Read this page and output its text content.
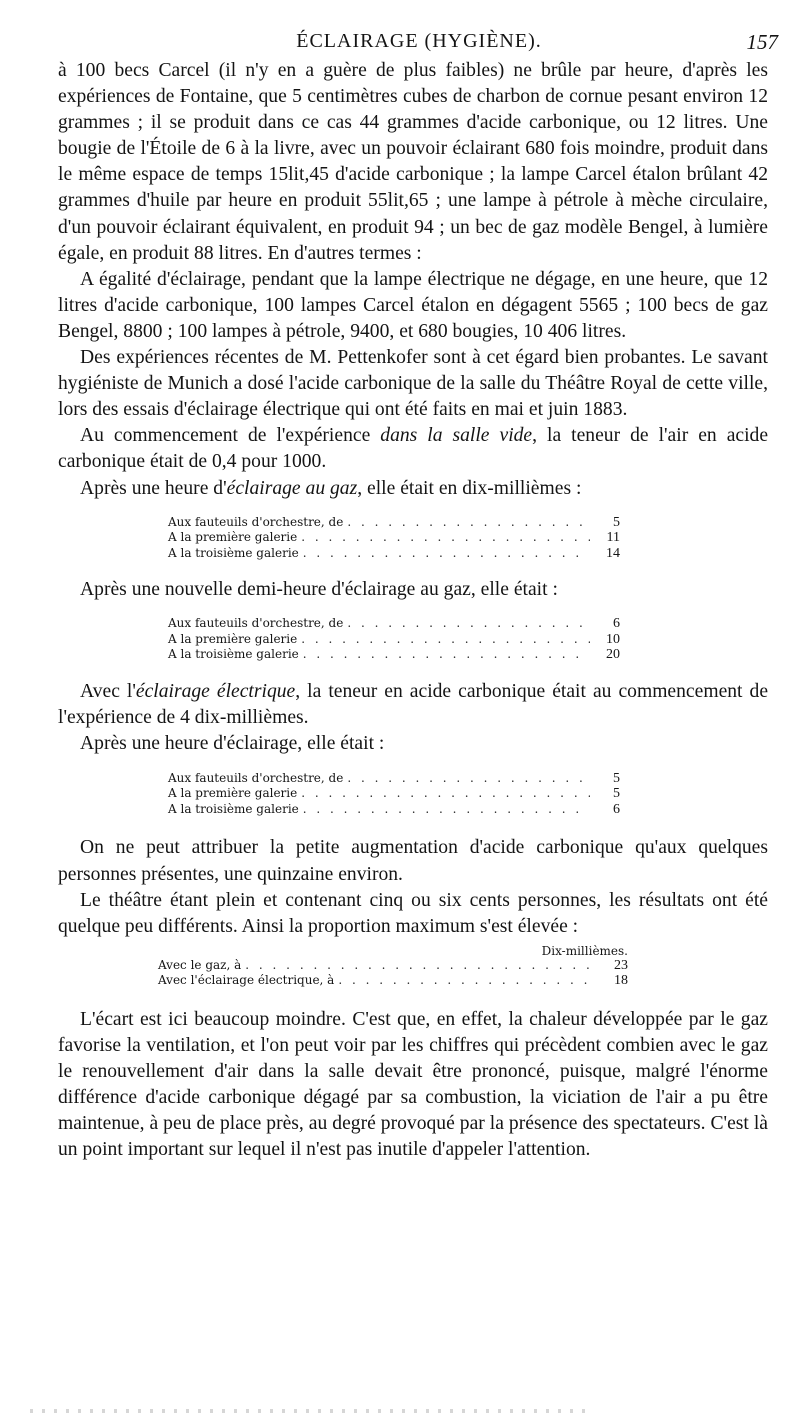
ÉCLAIRAGE (HYGIÈNE).	157

à 100 becs Carcel (il n'y en a guère de plus faibles) ne brûle par heure, d'après les expériences de Fontaine, que 5 centimètres cubes de charbon de cornue pesant environ 12 grammes ; il se produit dans ce cas 44 grammes d'acide carbonique, ou 12 litres. Une bougie de l'Étoile de 6 à la livre, avec un pouvoir éclairant 680 fois moindre, produit dans le même espace de temps 15lit,45 d'acide carbonique ; la lampe Carcel étalon brûlant 42 grammes d'huile par heure en produit 55lit,65 ; une lampe à pétrole à mèche circulaire, d'un pouvoir éclairant équivalent, en produit 94 ; un bec de gaz modèle Bengel, à lumière égale, en produit 88 litres. En d'autres termes :

A égalité d'éclairage, pendant que la lampe électrique ne dégage, en une heure, que 12 litres d'acide carbonique, 100 lampes Carcel étalon en dégagent 5565 ; 100 becs de gaz Bengel, 8800 ; 100 lampes à pétrole, 9400, et 680 bougies, 10 406 litres.

Des expériences récentes de M. Pettenkofer sont à cet égard bien probantes. Le savant hygiéniste de Munich a dosé l'acide carbonique de la salle du Théâtre Royal de cette ville, lors des essais d'éclairage électrique qui ont été faits en mai et juin 1883.

Au commencement de l'expérience dans la salle vide, la teneur de l'air en acide carbonique était de 0,4 pour 1000.

Après une heure d'éclairage au gaz, elle était en dix-millièmes :

Aux fauteuils d'orchestre, de . . .	5
A la première galerie . . .	11
A la troisième galerie . . .	14

Après une nouvelle demi-heure d'éclairage au gaz, elle était :

Aux fauteuils d'orchestre, de . . .	6
A la première galerie . . .	10
A la troisième galerie . . .	20

Avec l'éclairage électrique, la teneur en acide carbonique était au commencement de l'expérience de 4 dix-millièmes.

Après une heure d'éclairage, elle était :

Aux fauteuils d'orchestre, de . . .	5
A la première galerie . . .	5
A la troisième galerie . . .	6

On ne peut attribuer la petite augmentation d'acide carbonique qu'aux quelques personnes présentes, une quinzaine environ.

Le théâtre étant plein et contenant cinq ou six cents personnes, les résultats ont été quelque peu différents. Ainsi la proportion maximum s'est élevée :

Dix-millièmes.
Avec le gaz, à . . .	23
Avec l'éclairage électrique, à . . .	18

L'écart est ici beaucoup moindre. C'est que, en effet, la chaleur développée par le gaz favorise la ventilation, et l'on peut voir par les chiffres qui précèdent combien avec le gaz le renouvellement d'air dans la salle devait être prononcé, puisque, malgré l'énorme différence d'acide carbonique dégagé par sa combustion, la viciation de l'air a pu être maintenue, à peu de place près, au degré provoqué par la présence des spectateurs. C'est là un point important sur lequel il n'est pas inutile d'appeler l'attention.
